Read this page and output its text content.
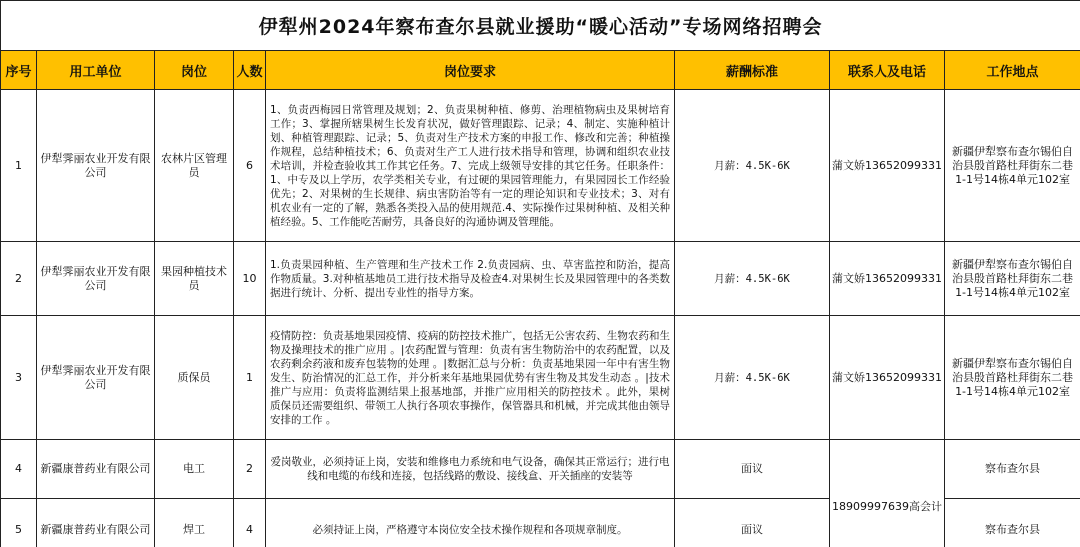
伊犁州2024年察布查尔县就业援助“暖心活动”专场网络招聘会							
序号	用工单位	岗位	人数	岗位要求	薪酬标准	联系人及电话	工作地点
1	伊犁霁丽农业开发有限公司	农林片区管理员	6	1、负责西梅园日常管理及规划；2、负责果树种植、修剪、治理植物病虫及果树培育工作；3、掌握所辖果树生长发育状况，做好管理跟踪、记录；4、制定、实施种植计划、种植管理跟踪、记录；5、负责对生产技术方案的申报工作、修改和完善；种植操作规程，总结种植技术；6、负责对生产工人进行技术指导和管理，协调和组织农业技术培训，并检查验收其工作其它任务。7、完成上级领导安排的其它任务。任职条件：1、中专及以上学历，农学类相关专业，有过硬的果园管理能力，有果园园长工作经验优先；2、对果树的生长规律、病虫害防治等有一定的理论知识和专业技术；3、对有机农业有一定的了解，熟悉各类投入品的使用规范.4、实际操作过果树种植、及相关种植经验。5、工作能吃苦耐劳，具备良好的沟通协调及管理能。	月薪：4.5K-6K	蒲文娇13652099331	新疆伊犁察布查尔锡伯自治县殷首路杜拜街东二巷1-1号14栋4单元102室
2	伊犁霁丽农业开发有限公司	果园种植技术员	10	1.负责果园种植、生产管理和生产技术工作 2.负责园病、虫、草害监控和防治，提高作物质量。3.对种植基地员工进行技术指导及检查4.对果树生长及果园管理中的各类数据进行统计、分析、提出专业性的指导方案。	月薪：4.5K-6K	蒲文娇13652099331	新疆伊犁察布查尔锡伯自治县殷首路杜拜街东二巷1-1号14栋4单元102室
3	伊犁霁丽农业开发有限公司	质保员	1	疫情防控：负责基地果园疫情、疫病的防控技术推广，包括无公害农药、生物农药和生物及操理技术的推广应用 。|农药配置与管理：负责有害生物防治中的农药配置，以及农药剩余药液和废弃包装物的处理 。|数据汇总与分析：负责基地果园一年中有害生物发生、防治情况的汇总工作，并分析来年基地果园优势有害生物及其发生动态 。|技术推广与应用：负责将监测结果上报基地部，并推广应用相关的防控技术 。此外，果树质保员还需要组织、带领工人执行各项农事操作，保管器具和机械，并完成其他由领导安排的工作 。	月薪：4.5K-6K	蒲文娇13652099331	新疆伊犁察布查尔锡伯自治县殷首路杜拜街东二巷1-1号14栋4单元102室
4	新疆康普药业有限公司	电工	2	爱岗敬业，必须持证上岗，安装和维修电力系统和电气设备，确保其正常运行；进行电线和电缆的布线和连接，包括线路的敷设、接线盒、开关插座的安装等	面议	18909997639高会计	察布查尔县
5	新疆康普药业有限公司	焊工	4	必须持证上岗，严格遵守本岗位安全技术操作规程和各项规章制度。	面议		察布查尔县
